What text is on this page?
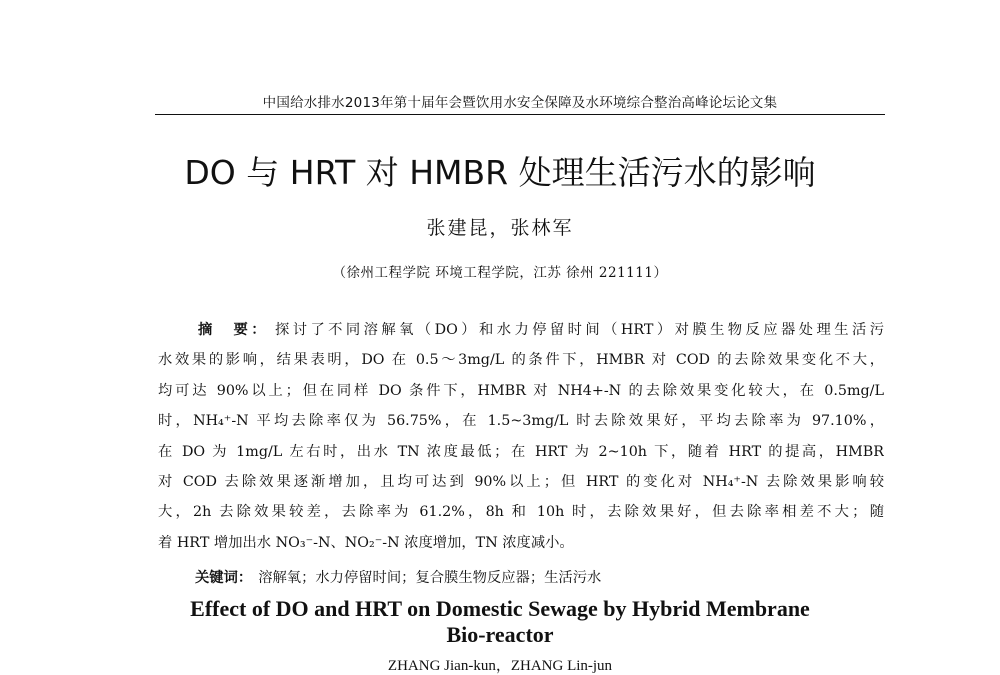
中国给水排水2013年第十届年会暨饮用水安全保障及水环境综合整治高峰论坛论文集
DO 与 HRT 对 HMBR 处理生活污水的影响
张建昆，张林军
（徐州工程学院 环境工程学院，江苏 徐州 221111）
摘　要： 探讨了不同溶解氧（DO）和水力停留时间（HRT）对膜生物反应器处理生活污
水效果的影响，结果表明，DO 在 0.5～3mg/L 的条件下，HMBR 对 COD 的去除效果变化不大，
均可达 90%以上；但在同样 DO 条件下，HMBR 对 NH4+-N 的去除效果变化较大，在 0.5mg/L
时，NH₄⁺-N 平均去除率仅为 56.75%，在 1.5~3mg/L 时去除效果好，平均去除率为 97.10%，
在 DO 为 1mg/L 左右时，出水 TN 浓度最低；在 HRT 为 2~10h 下，随着 HRT 的提高，HMBR
对 COD 去除效果逐渐增加，且均可达到 90%以上；但 HRT 的变化对 NH₄⁺-N 去除效果影响较
大，2h 去除效果较差，去除率为 61.2%，8h 和 10h 时，去除效果好，但去除率相差不大；随
着 HRT 增加出水 NO₃⁻-N、NO₂⁻-N 浓度增加，TN 浓度减小。
关键词： 溶解氧；水力停留时间；复合膜生物反应器；生活污水
Effect of DO and HRT on Domestic Sewage by Hybrid Membrane
Bio-reactor
ZHANG Jian-kun，ZHANG Lin-jun
